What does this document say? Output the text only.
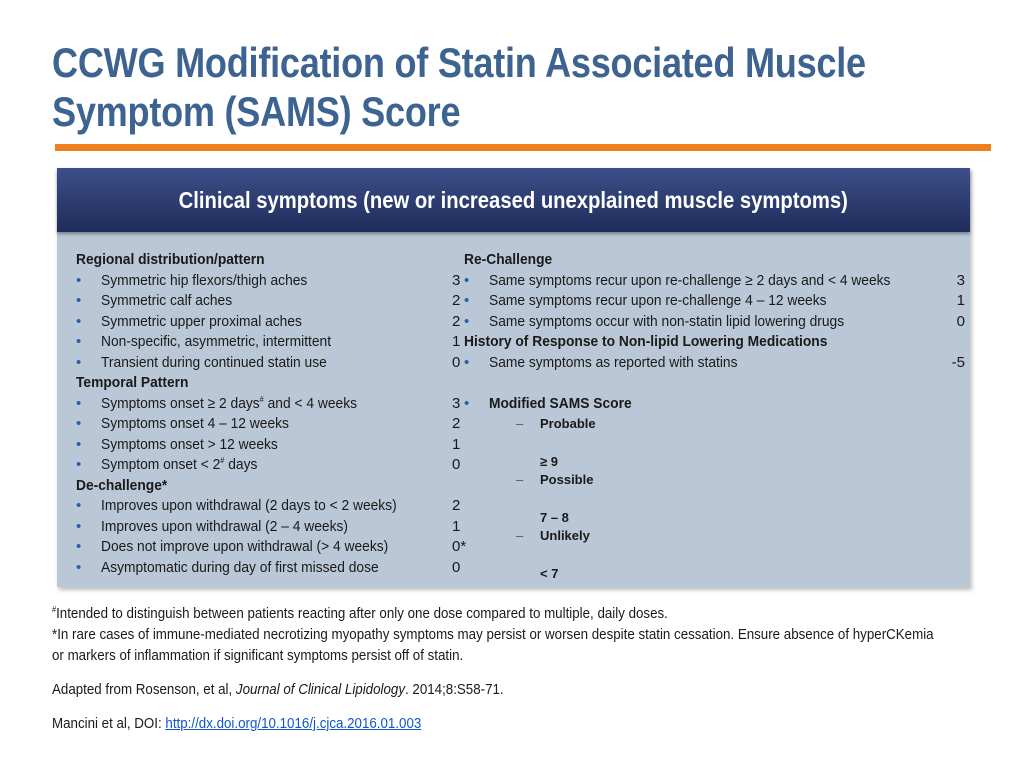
CCWG Modification of Statin Associated Muscle
Symptom (SAMS) Score
Clinical symptoms (new or increased unexplained muscle symptoms)
Regional distribution/pattern
• Symmetric hip flexors/thigh aches	3
• Symmetric calf aches	2
• Symmetric upper proximal aches	2
• Non-specific, asymmetric, intermittent	1
• Transient during continued statin use	0
Temporal Pattern
• Symptoms onset ≥ 2 days# and < 4 weeks	3
• Symptoms onset 4 – 12 weeks	2
• Symptoms onset > 12 weeks	1
• Symptom onset < 2# days	0
De-challenge*
• Improves upon withdrawal (2 days to < 2 weeks)	2
• Improves upon withdrawal (2 – 4 weeks)	1
• Does not improve upon withdrawal (> 4 weeks)	0*
• Asymptomatic during day of first missed dose	0
Re-Challenge
• Same symptoms recur upon re-challenge ≥ 2 days and < 4 weeks	3
• Same symptoms recur upon re-challenge 4 – 12 weeks	1
• Same symptoms occur with non-statin lipid lowering drugs	0
History of Response to Non-lipid Lowering Medications
• Same symptoms as reported with statins	-5
• Modified SAMS Score
– Probable
≥ 9
– Possible
7 – 8
– Unlikely
< 7

#Intended to distinguish between patients reacting after only one dose compared to multiple, daily doses.

*In rare cases of immune-mediated necrotizing myopathy symptoms may persist or worsen despite statin cessation. Ensure absence of hyperCKemia

or markers of inflammation if significant symptoms persist off of statin.

Adapted from Rosenson, et al, Journal of Clinical Lipidology. 2014;8:S58-71.

Mancini et al, DOI: http://dx.doi.org/10.1016/j.cjca.2016.01.003
